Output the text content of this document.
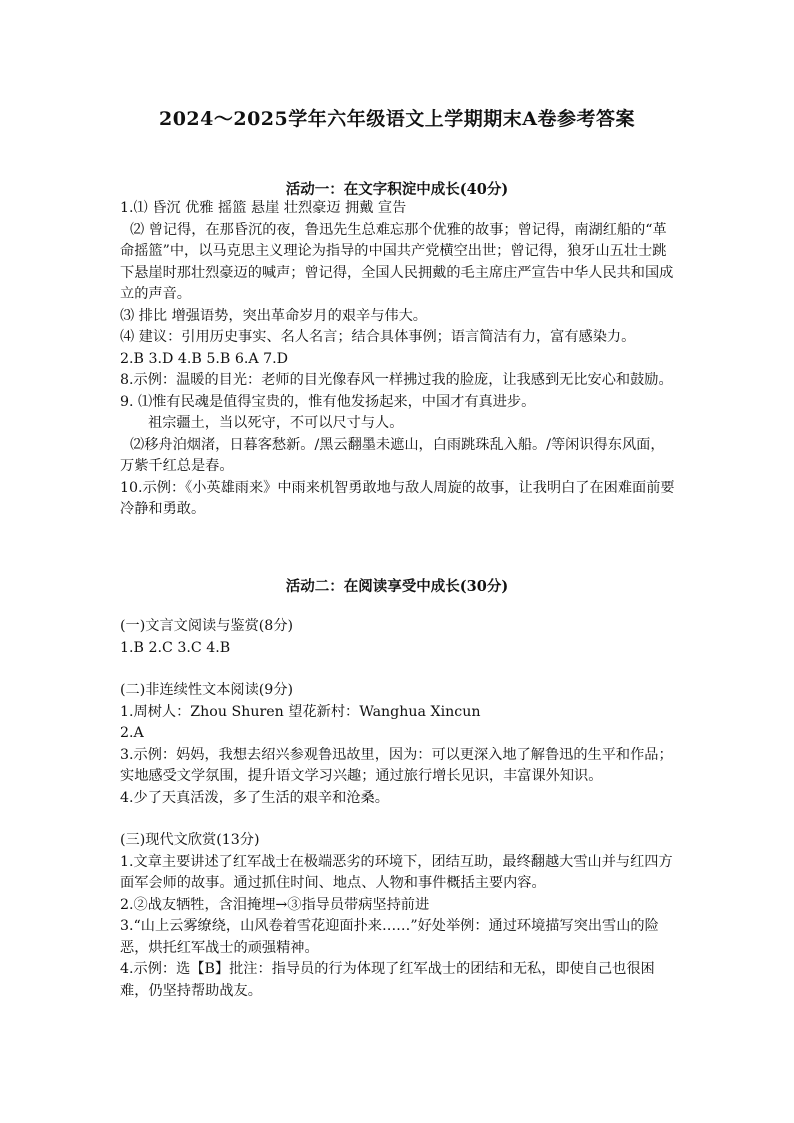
2024～2025学年六年级语文上学期期末A卷参考答案
活动一：在文字积淀中成长(40分)

1.⑴ 昏沉 优雅 摇篮 悬崖 壮烈豪迈 拥戴 宣告

⑵ 曾记得，在那昏沉的夜，鲁迅先生总难忘那个优雅的故事；曾记得，南湖红船的“革命摇篮”中，以马克思主义理论为指导的中国共产党横空出世；曾记得，狼牙山五壮士跳下悬崖时那壮烈豪迈的喊声；曾记得，全国人民拥戴的毛主席庄严宣告中华人民共和国成立的声音。

⑶ 排比 增强语势，突出革命岁月的艰辛与伟大。

⑷ 建议：引用历史事实、名人名言；结合具体事例；语言简洁有力，富有感染力。

2.B 3.D 4.B 5.B 6.A 7.D

8.示例：温暖的目光：老师的目光像春风一样拂过我的脸庞，让我感到无比安心和鼓励。

9. ⑴惟有民魂是值得宝贵的，惟有他发扬起来，中国才有真进步。

祖宗疆土，当以死守，不可以尺寸与人。

⑵移舟泊烟渚，日暮客愁新。/黑云翻墨未遮山，白雨跳珠乱入船。/等闲识得东风面，万紫千红总是春。

10.示例：《小英雄雨来》中雨来机智勇敢地与敌人周旋的故事，让我明白了在困难面前要冷静和勇敢。

活动二：在阅读享受中成长(30分)

(一)文言文阅读与鉴赏(8分)

1.B 2.C 3.C 4.B

(二)非连续性文本阅读(9分)

1.周树人：Zhou Shuren 望花新村：Wanghua Xincun

2.A

3.示例：妈妈，我想去绍兴参观鲁迅故里，因为：可以更深入地了解鲁迅的生平和作品；实地感受文学氛围，提升语文学习兴趣；通过旅行增长见识，丰富课外知识。

4.少了天真活泼，多了生活的艰辛和沧桑。

(三)现代文欣赏(13分)

1.文章主要讲述了红军战士在极端恶劣的环境下，团结互助，最终翻越大雪山并与红四方面军会师的故事。通过抓住时间、地点、人物和事件概括主要内容。

2.②战友牺牲，含泪掩埋→③指导员带病坚持前进

3.“山上云雾缭绕，山风卷着雪花迎面扑来……”好处举例：通过环境描写突出雪山的险恶，烘托红军战士的顽强精神。

4.示例：选【B】批注：指导员的行为体现了红军战士的团结和无私，即使自己也很困难，仍坚持帮助战友。
